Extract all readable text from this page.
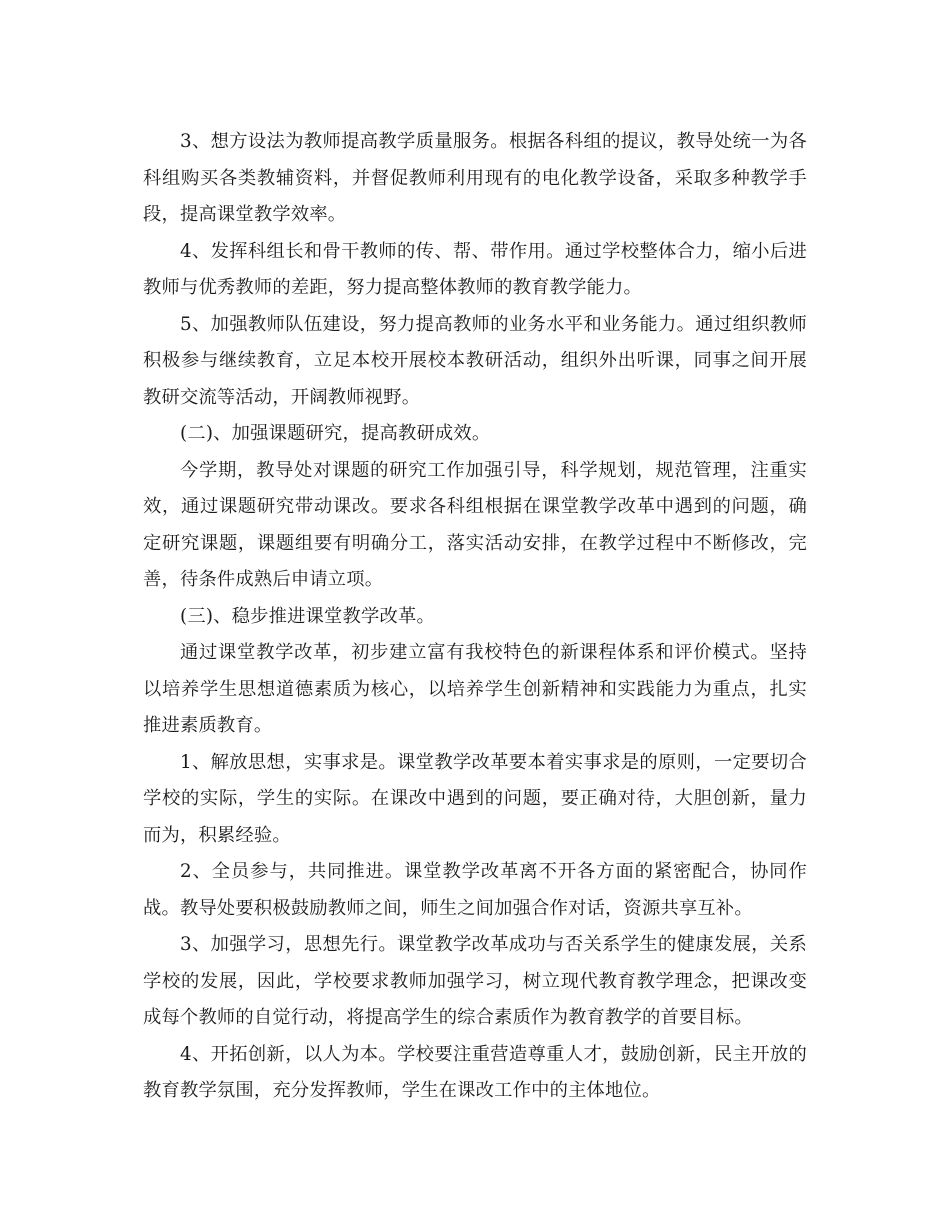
3、想方设法为教师提高教学质量服务。根据各科组的提议，教导处统一为各科组购买各类教辅资料，并督促教师利用现有的电化教学设备，采取多种教学手段，提高课堂教学效率。

4、发挥科组长和骨干教师的传、帮、带作用。通过学校整体合力，缩小后进教师与优秀教师的差距，努力提高整体教师的教育教学能力。

5、加强教师队伍建设，努力提高教师的业务水平和业务能力。通过组织教师积极参与继续教育，立足本校开展校本教研活动，组织外出听课，同事之间开展教研交流等活动，开阔教师视野。

(二)、加强课题研究，提高教研成效。

今学期，教导处对课题的研究工作加强引导，科学规划，规范管理，注重实效，通过课题研究带动课改。要求各科组根据在课堂教学改革中遇到的问题，确定研究课题，课题组要有明确分工，落实活动安排，在教学过程中不断修改，完善，待条件成熟后申请立项。

(三)、稳步推进课堂教学改革。

通过课堂教学改革，初步建立富有我校特色的新课程体系和评价模式。坚持以培养学生思想道德素质为核心，以培养学生创新精神和实践能力为重点，扎实推进素质教育。

1、解放思想，实事求是。课堂教学改革要本着实事求是的原则，一定要切合学校的实际，学生的实际。在课改中遇到的问题，要正确对待，大胆创新，量力而为，积累经验。

2、全员参与，共同推进。课堂教学改革离不开各方面的紧密配合，协同作战。教导处要积极鼓励教师之间，师生之间加强合作对话，资源共享互补。

3、加强学习，思想先行。课堂教学改革成功与否关系学生的健康发展，关系学校的发展，因此，学校要求教师加强学习，树立现代教育教学理念，把课改变成每个教师的自觉行动，将提高学生的综合素质作为教育教学的首要目标。

4、开拓创新，以人为本。学校要注重营造尊重人才，鼓励创新，民主开放的教育教学氛围，充分发挥教师，学生在课改工作中的主体地位。
